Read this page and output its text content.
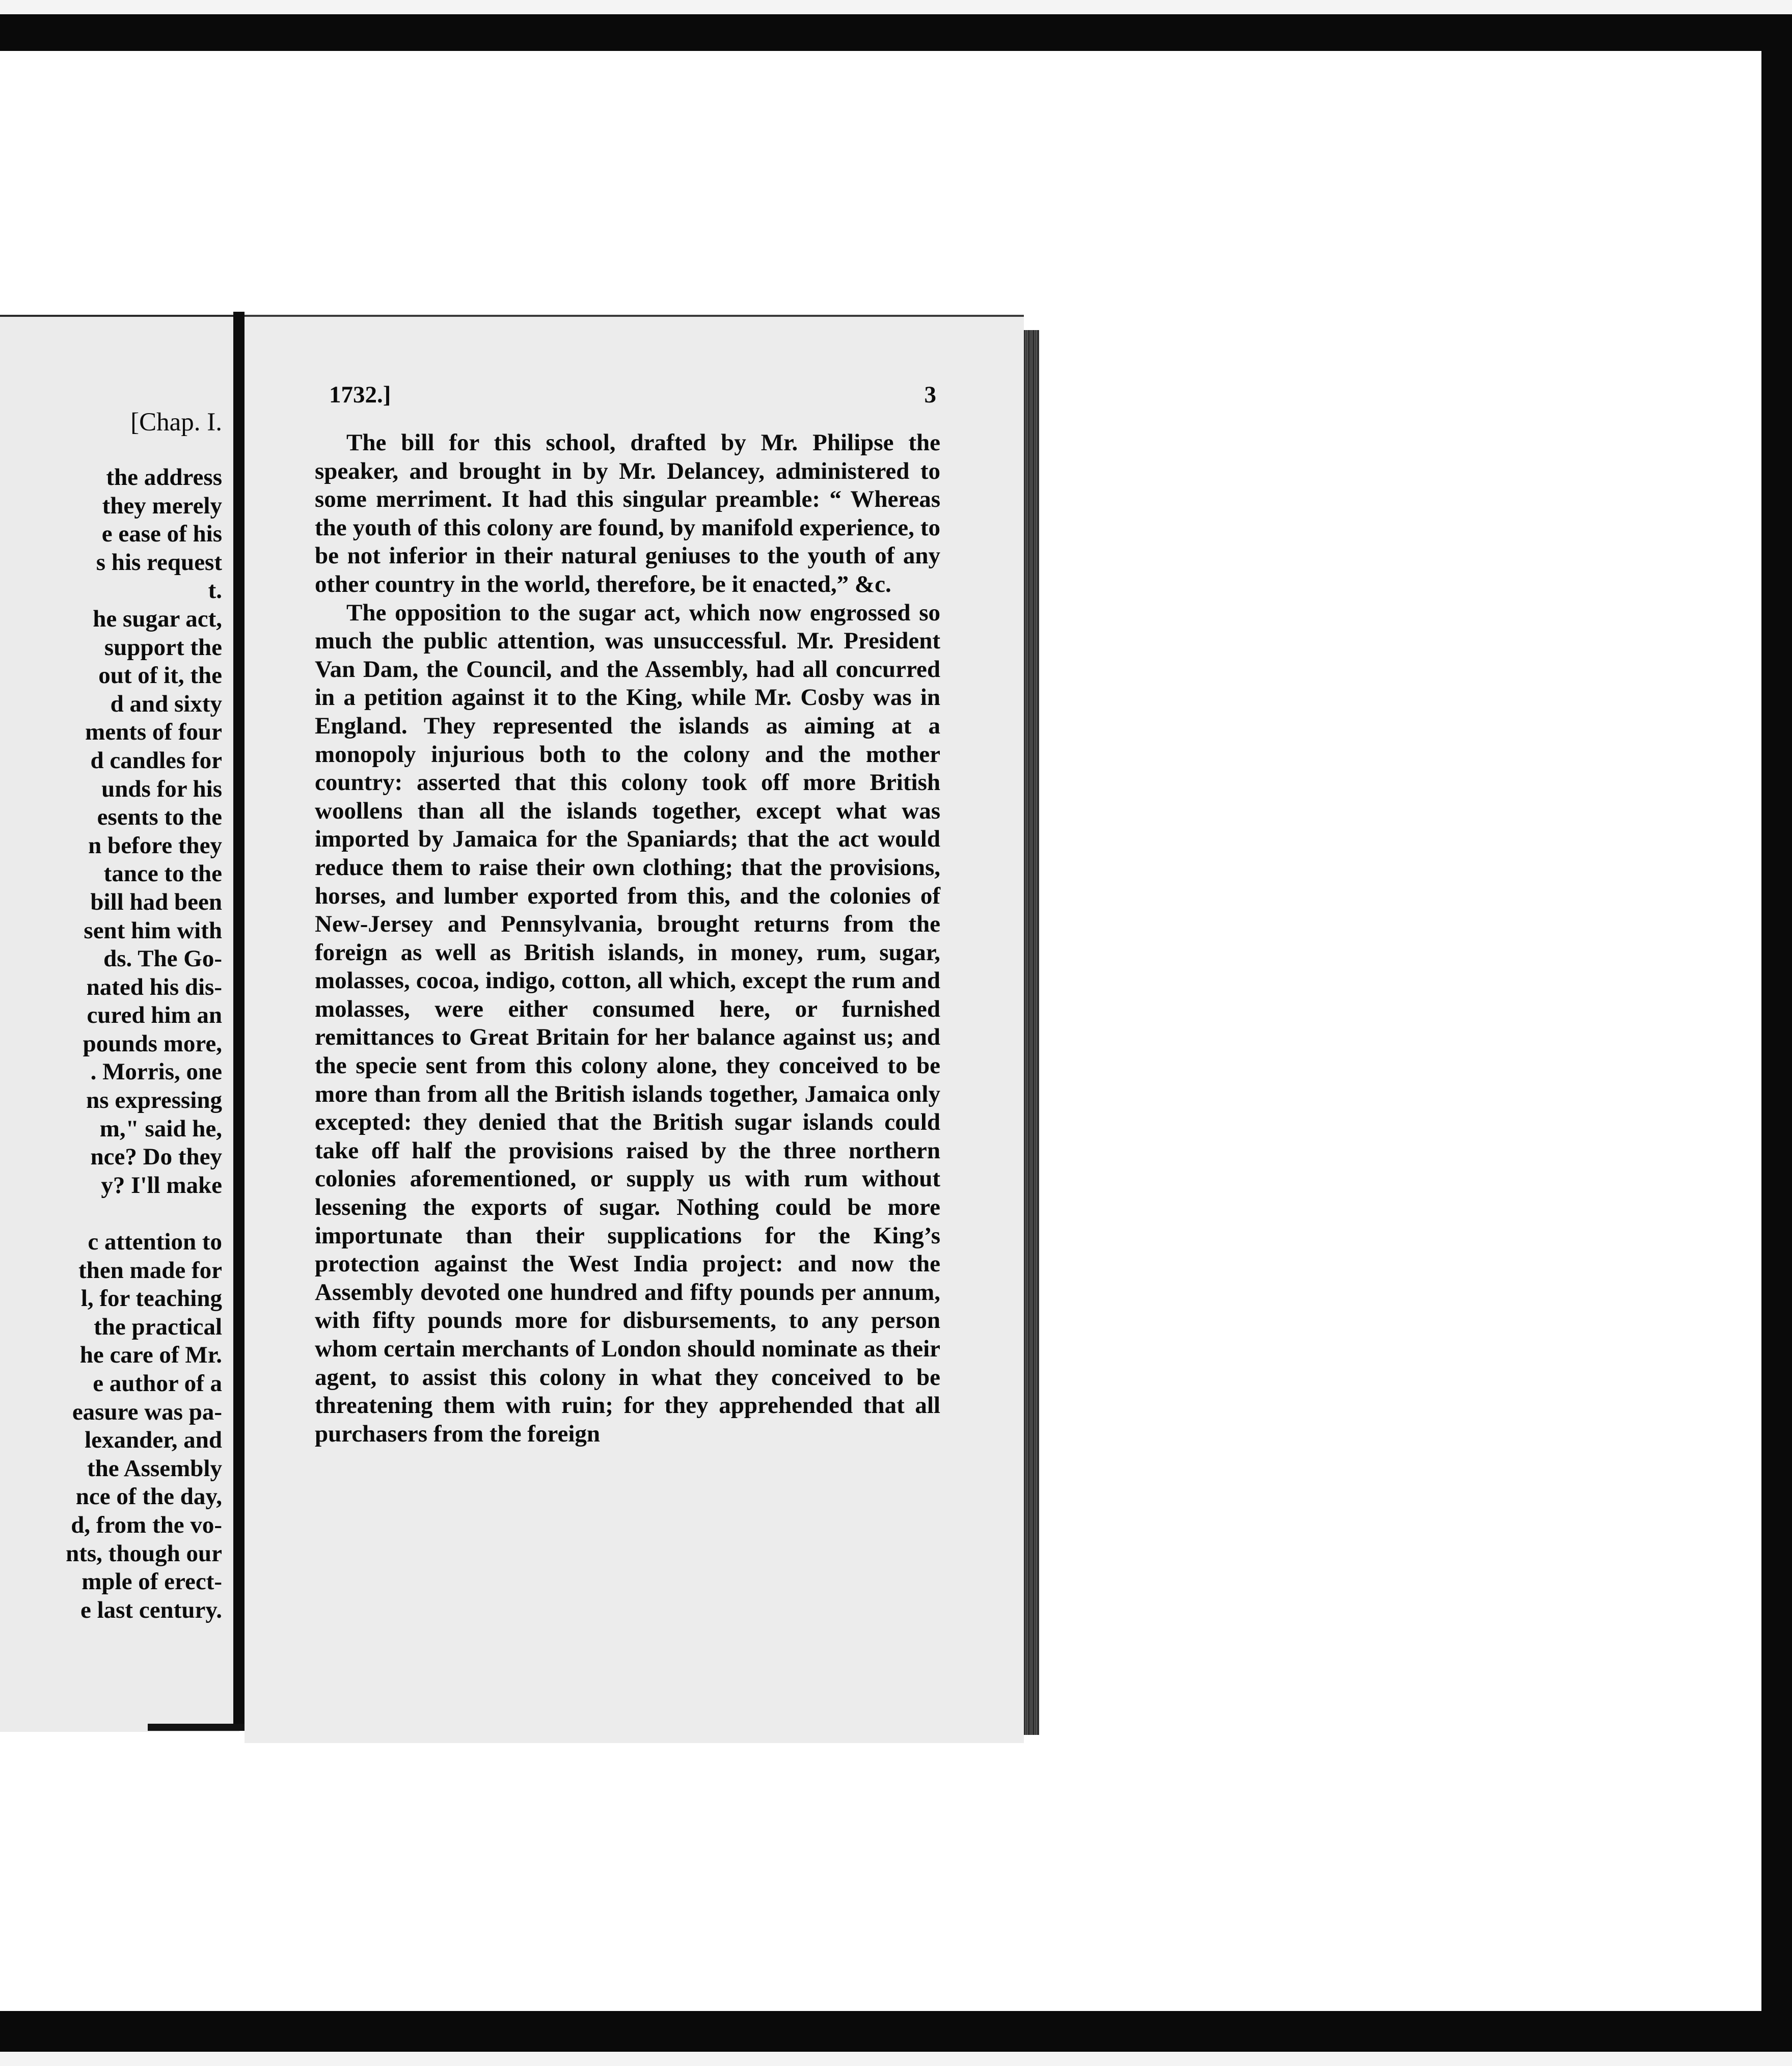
[Chap. I.

the address
they merely
e ease of his
s his request
t.
he sugar act,
support the
out of it, the
d and sixty
ments of four
d candles for
unds for his
esents to the
n before they
tance to the
bill had been
sent him with
ds. The Go-
nated his dis-
cured him an
pounds more,
. Morris, one
ns expressing
m," said he,
nce? Do they
y? I'll make

c attention to
then made for
l, for teaching
the practical
he care of Mr.
e author of a
easure was pa-
lexander, and
the Assembly
nce of the day,
d, from the vo-
nts, though our
mple of erect-
e last century.
1732.]	3

The bill for this school, drafted by Mr. Philipse the speaker, and brought in by Mr. Delancey, administered to some merriment. It had this singular preamble: “ Whereas the youth of this colony are found, by manifold experience, to be not inferior in their natural geniuses to the youth of any other country in the world, therefore, be it enacted,” &c.

The opposition to the sugar act, which now engrossed so much the public attention, was unsuccessful. Mr. President Van Dam, the Council, and the Assembly, had all concurred in a petition against it to the King, while Mr. Cosby was in England. They represented the islands as aiming at a monopoly injurious both to the colony and the mother country: asserted that this colony took off more British woollens than all the islands together, except what was imported by Jamaica for the Spaniards; that the act would reduce them to raise their own clothing; that the provisions, horses, and lumber exported from this, and the colonies of New-Jersey and Pennsylvania, brought returns from the foreign as well as British islands, in money, rum, sugar, molasses, cocoa, indigo, cotton, all which, except the rum and molasses, were either consumed here, or furnished remittances to Great Britain for her balance against us; and the specie sent from this colony alone, they conceived to be more than from all the British islands together, Jamaica only excepted: they denied that the British sugar islands could take off half the provisions raised by the three northern colonies aforementioned, or supply us with rum without lessening the exports of sugar. Nothing could be more importunate than their supplications for the King’s protection against the West India project: and now the Assembly devoted one hundred and fifty pounds per annum, with fifty pounds more for disbursements, to any person whom certain merchants of London should nominate as their agent, to assist this colony in what they conceived to be threatening them with ruin; for they apprehended that all purchasers from the foreign
